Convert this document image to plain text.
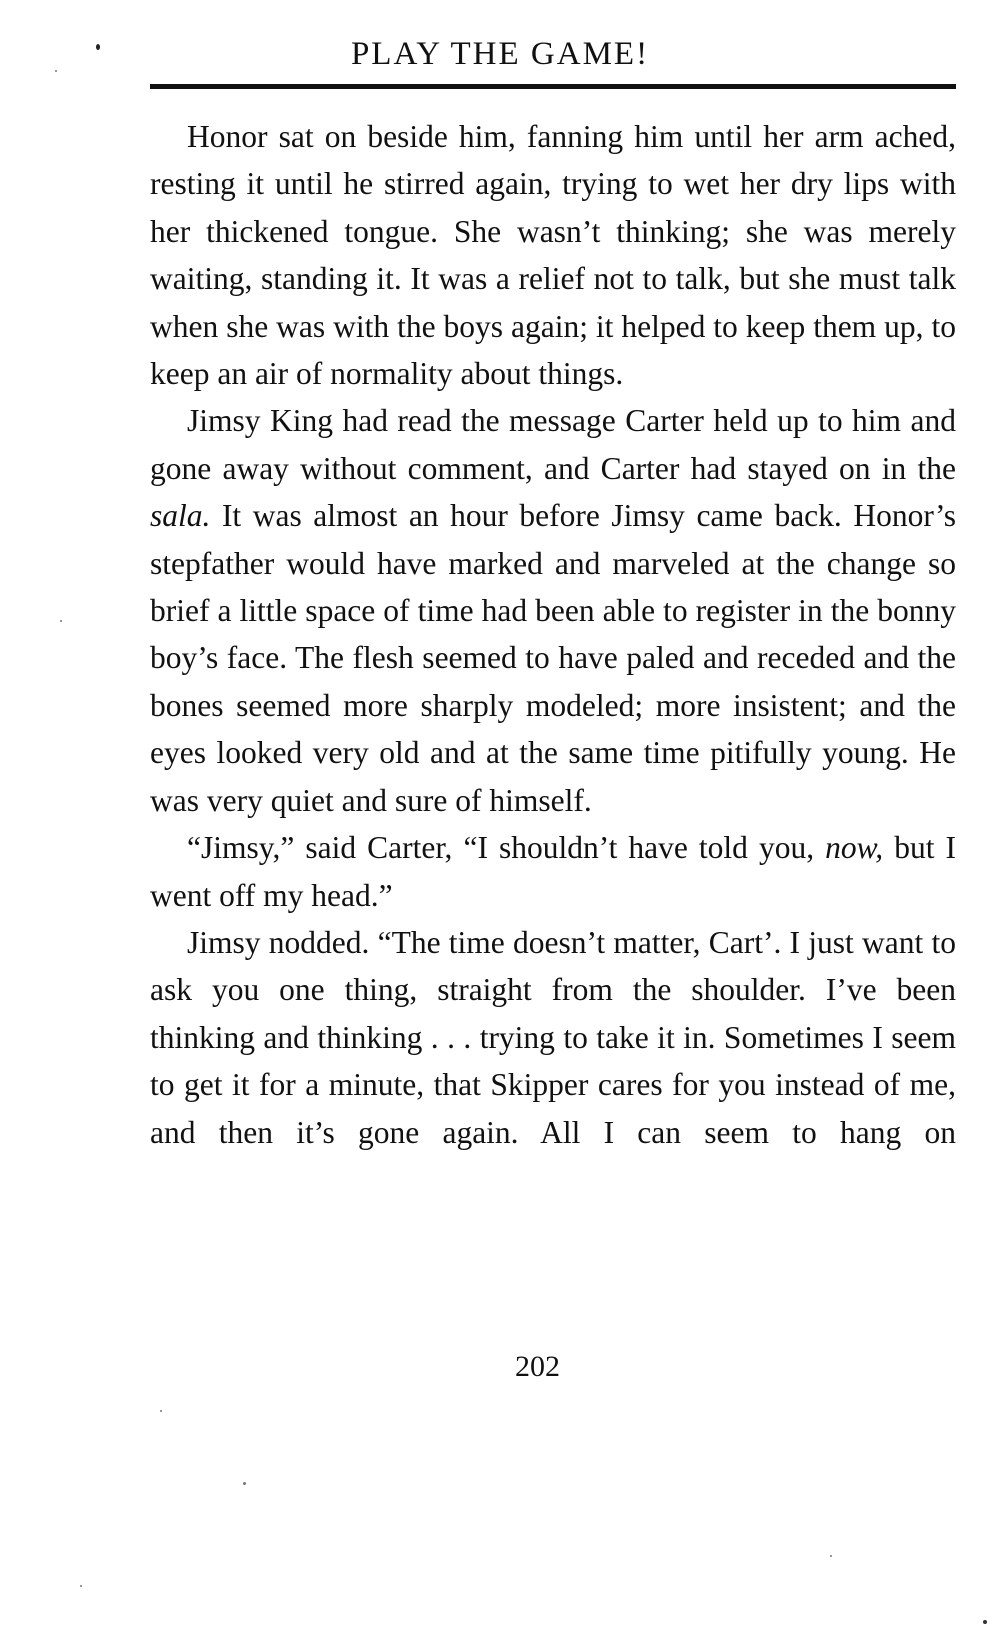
PLAY THE GAME!

Honor sat on beside him, fanning him until her arm ached, resting it until he stirred again, trying to wet her dry lips with her thickened tongue. She wasn’t thinking; she was merely waiting, standing it. It was a relief not to talk, but she must talk when she was with the boys again; it helped to keep them up, to keep an air of normality about things.

Jimsy King had read the message Carter held up to him and gone away without comment, and Carter had stayed on in the sala. It was almost an hour before Jimsy came back. Honor’s stepfather would have marked and marveled at the change so brief a little space of time had been able to register in the bonny boy’s face. The flesh seemed to have paled and receded and the bones seemed more sharply modeled; more insistent; and the eyes looked very old and at the same time pitifully young. He was very quiet and sure of himself.

“Jimsy,” said Carter, “I shouldn’t have told you, now, but I went off my head.”

Jimsy nodded. “The time doesn’t matter, Cart’. I just want to ask you one thing, straight from the shoulder. I’ve been thinking and thinking . . . trying to take it in. Sometimes I seem to get it for a minute, that Skipper cares for you instead of me, and then it’s gone again. All I can seem to hang on

202
